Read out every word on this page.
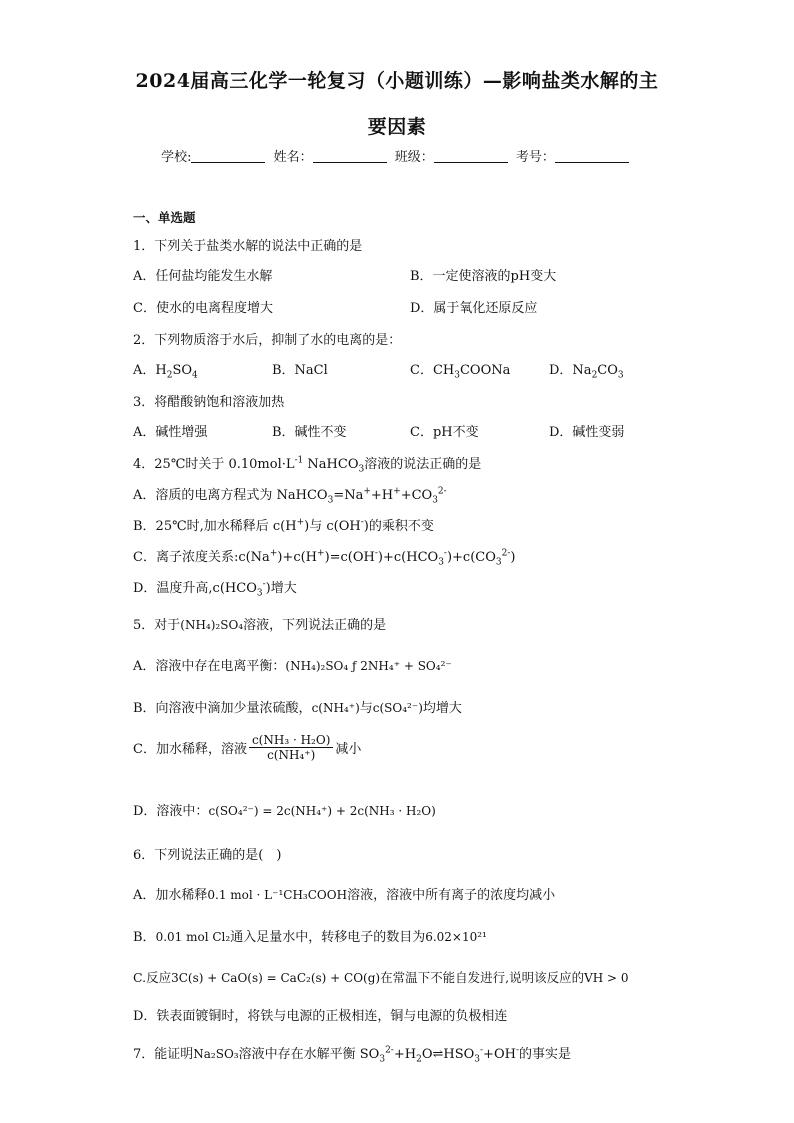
2024届高三化学一轮复习（小题训练）—影响盐类水解的主
要因素
学校:	姓名：	班级：	考号：
一、单选题
1．下列关于盐类水解的说法中正确的是
A．任何盐均能发生水解	B．一定使溶液的pH变大
C．使水的电离程度增大	D．属于氧化还原反应
2．下列物质溶于水后，抑制了水的电离的是：
A．$H_2SO_4$	B．NaCl	C．$CH_3COONa$	D．$Na_2CO_3$
3．将醋酸钠饱和溶液加热
A．碱性增强	B．碱性不变	C．pH不变	D．碱性变弱
4．25℃时关于 $0.10mol\cdot L^{-1}$ NaHCO$_3$溶液的说法正确的是
A．溶质的电离方程式为 $NaHCO_3=Na^++H^++CO_3^{2-}$
B．25℃时,加水稀释后 c(H+)与 c(OH-)的乘积不变
C．离子浓度关系$:c(Na^+)+c(H^+)=c(OH^-)+c(HCO_3^-)+c(CO_3^{2-})$
D．温度升高$,c(HCO_3^-)$增大
5．对于(NH₄)₂SO₄溶液，下列说法正确的是
A．溶液中存在电离平衡：(NH₄)₂SO₄ ƒ 2NH₄⁺ + SO₄²⁻
B．向溶液中滴加少量浓硫酸，c(NH₄⁺)与c(SO₄²⁻)均增大
C．加水稀释，溶液 $\frac{\text{c(NH₃ · H₂O)}}{\text{c(NH₄⁺)}}$ 减小
D．溶液中：c(SO₄²⁻) = 2c(NH₄⁺) + 2c(NH₃ · H₂O)
6．下列说法正确的是(　)
A．加水稀释0.1 mol · L⁻¹CH₃COOH溶液，溶液中所有离子的浓度均减小
B．0.01 mol Cl₂通入足量水中，转移电子的数目为6.02×10²¹
C.反应3C(s) + CaO(s) = CaC₂(s) + CO(g)在常温下不能自发进行,说明该反应的VH > 0
D．铁表面镀铜时，将铁与电源的正极相连，铜与电源的负极相连
7．能证明Na₂SO₃溶液中存在水解平衡 $SO_3^{2-}+H_2O\rightleftharpoons HSO_3^-+OH^-$的事实是
